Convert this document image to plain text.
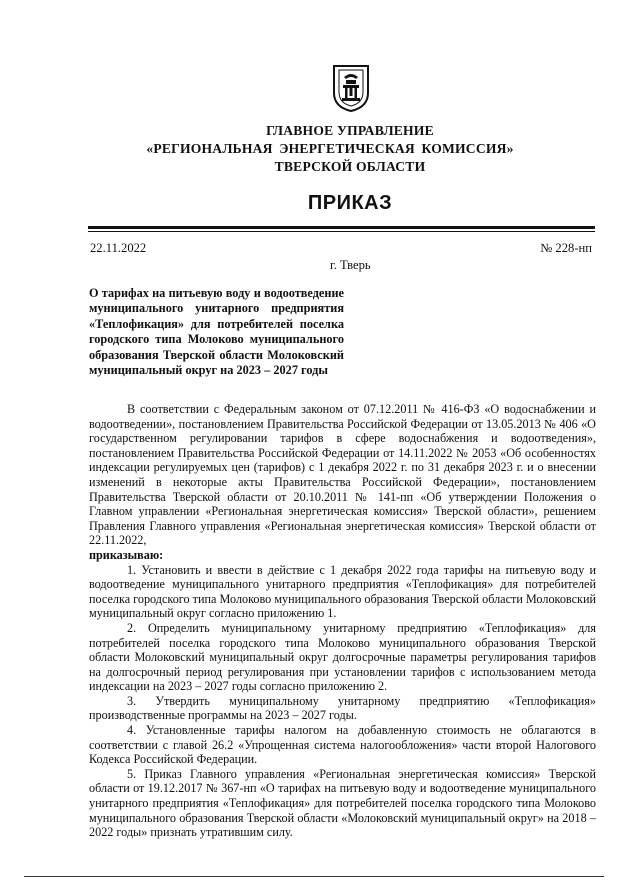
ГЛАВНОЕ УПРАВЛЕНИЕ
«РЕГИОНАЛЬНАЯ ЭНЕРГЕТИЧЕСКАЯ КОМИССИЯ»
ТВЕРСКОЙ ОБЛАСТИ
ПРИКАЗ
22.11.2022	№ 228-нп
г. Тверь
О тарифах на питьевую воду и водоотведение муниципального унитарного предприятия «Теплофикация» для потребителей поселка городского типа Молоково муниципального образования Тверской области Молоковский муниципальный округ на 2023 – 2027 годы

В соответствии с Федеральным законом от 07.12.2011 № 416-ФЗ «О водоснабжении и водоотведении», постановлением Правительства Российской Федерации от 13.05.2013 № 406 «О государственном регулировании тарифов в сфере водоснабжения и водоотведения», постановлением Правительства Российской Федерации от 14.11.2022 № 2053 «Об особенностях индексации регулируемых цен (тарифов) с 1 декабря 2022 г. по 31 декабря 2023 г. и о внесении изменений в некоторые акты Правительства Российской Федерации», постановлением Правительства Тверской области от 20.10.2011 № 141-пп «Об утверждении Положения о Главном управлении «Региональная энергетическая комиссия» Тверской области», решением Правления Главного управления «Региональная энергетическая комиссия» Тверской области от 22.11.2022,

приказываю:

1. Установить и ввести в действие с 1 декабря 2022 года тарифы на питьевую воду и водоотведение муниципального унитарного предприятия «Теплофикация» для потребителей поселка городского типа Молоково муниципального образования Тверской области Молоковский муниципальный округ согласно приложению 1.

2. Определить муниципальному унитарному предприятию «Теплофикация» для потребителей поселка городского типа Молоково муниципального образования Тверской области Молоковский муниципальный округ долгосрочные параметры регулирования тарифов на долгосрочный период регулирования при установлении тарифов с использованием метода индексации на 2023 – 2027 годы согласно приложению 2.

3. Утвердить муниципальному унитарному предприятию «Теплофикация» производственные программы на 2023 – 2027 годы.

4. Установленные тарифы налогом на добавленную стоимость не облагаются в соответствии с главой 26.2 «Упрощенная система налогообложения» части второй Налогового Кодекса Российской Федерации.

5. Приказ Главного управления «Региональная энергетическая комиссия» Тверской области от 19.12.2017 № 367-нп «О тарифах на питьевую воду и водоотведение муниципального унитарного предприятия «Теплофикация» для потребителей поселка городского типа Молоково муниципального образования Тверской области «Молоковский муниципальный округ» на 2018 – 2022 годы» признать утратившим силу.
